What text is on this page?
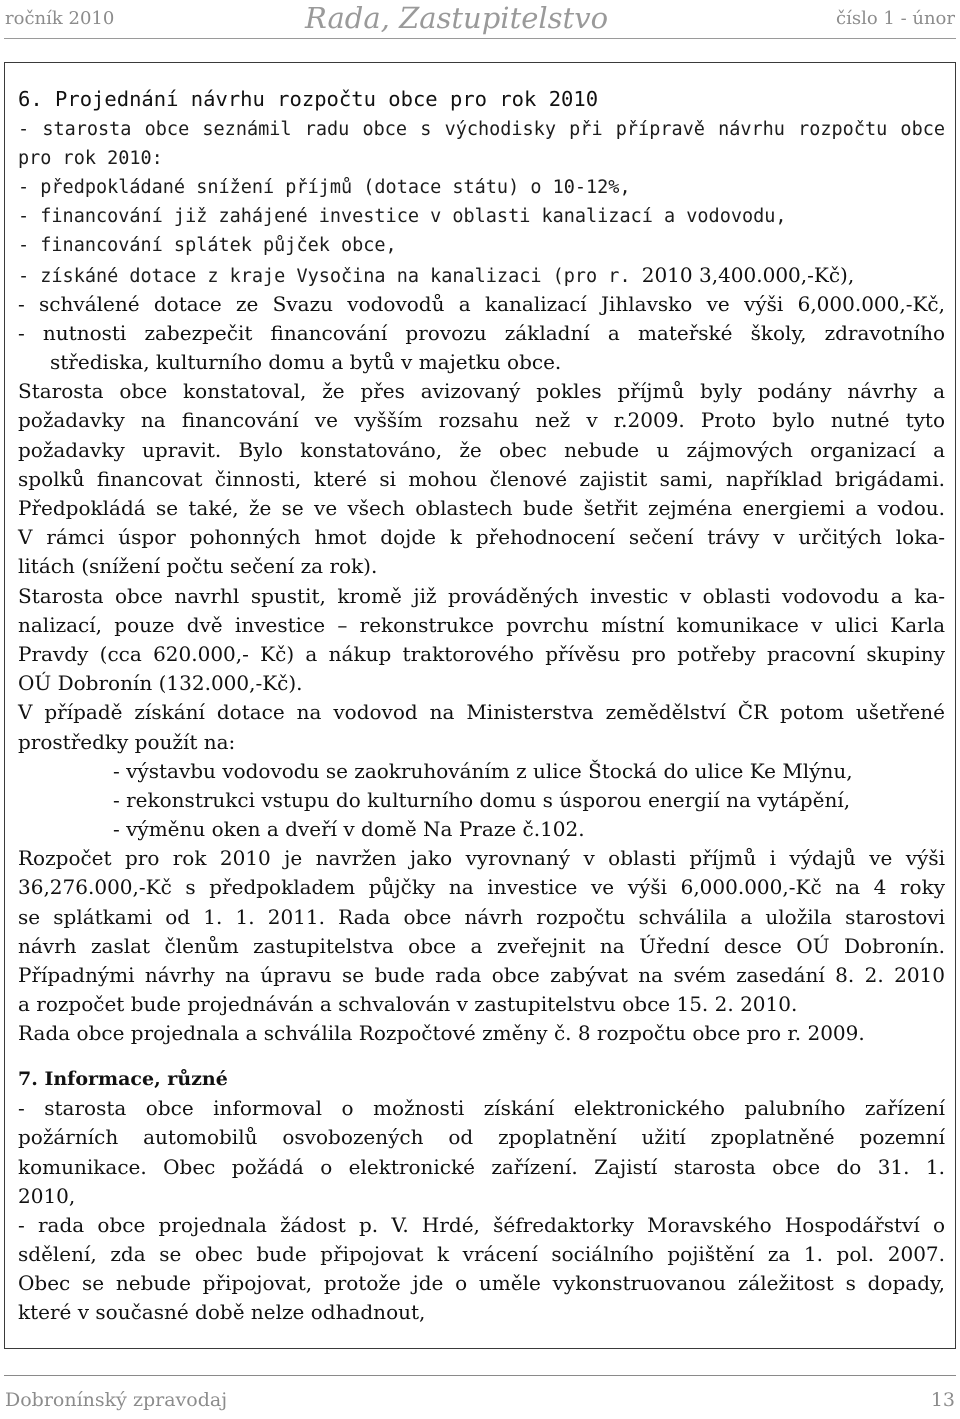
ročník 2010	Rada, Zastupitelstvo	číslo 1 - únor
6. Projednání návrhu rozpočtu obce pro rok 2010
- starosta obce seznámil radu obce s východisky při přípravě návrhu rozpočtu obce
pro rok 2010:
- předpokládané snížení příjmů (dotace státu) o 10-12%,
- financování již zahájené investice v oblasti kanalizací a vodovodu,
- financování splátek půjček obce,
- získáné dotace z kraje Vysočina na kanalizaci (pro r. 2010 3,400.000,-Kč),
- schválené dotace ze Svazu vodovodů a kanalizací Jihlavsko ve výši 6,000.000,-Kč,
- nutnosti zabezpečit financování provozu základní a mateřské školy, zdravotního
střediska, kulturního domu a bytů v majetku obce.
Starosta obce konstatoval, že přes avizovaný pokles příjmů byly podány návrhy a
požadavky na financování ve vyšším rozsahu než v r.2009. Proto bylo nutné tyto
požadavky upravit. Bylo konstatováno, že obec nebude u zájmových organizací a
spolků financovat činnosti, které si mohou členové zajistit sami, například brigádami.
Předpokládá se také, že se ve všech oblastech bude šetřit zejména energiemi a vodou.
V rámci úspor pohonných hmot dojde k přehodnocení sečení trávy v určitých loka-
litách (snížení počtu sečení za rok).
Starosta obce navrhl spustit, kromě již prováděných investic v oblasti vodovodu a ka-
nalizací, pouze dvě investice – rekonstrukce povrchu místní komunikace v ulici Karla
Pravdy (cca 620.000,- Kč) a nákup traktorového přívěsu pro potřeby pracovní skupiny
OÚ Dobronín (132.000,-Kč).
V případě získání dotace na vodovod na Ministerstva zemědělství ČR potom ušetřené
prostředky použít na:
- výstavbu vodovodu se zaokruhováním z ulice Štocká do ulice Ke Mlýnu,
- rekonstrukci vstupu do kulturního domu s úsporou energií na vytápění,
- výměnu oken a dveří v domě Na Praze č.102.
Rozpočet pro rok 2010 je navržen jako vyrovnaný v oblasti příjmů i výdajů ve výši
36,276.000,-Kč s předpokladem půjčky na investice ve výši 6,000.000,-Kč na 4 roky
se splátkami od 1. 1. 2011. Rada obce návrh rozpočtu schválila a uložila starostovi
návrh zaslat členům zastupitelstva obce a zveřejnit na Úřední desce OÚ Dobronín.
Případnými návrhy na úpravu se bude rada obce zabývat na svém zasedání 8. 2. 2010
a rozpočet bude projednáván a schvalován v zastupitelstvu obce 15. 2. 2010.
Rada obce projednala a schválila Rozpočtové změny č. 8 rozpočtu obce pro r. 2009.
7. Informace, různé
- starosta obce informoval o možnosti získání elektronického palubního zařízení
požárních automobilů osvobozených od zpoplatnění užití zpoplatněné pozemní
komunikace. Obec požádá o elektronické zařízení. Zajistí starosta obce do 31. 1.
2010,
- rada obce projednala žádost p. V. Hrdé, šéfredaktorky Moravského Hospodářství o
sdělení, zda se obec bude připojovat k vrácení sociálního pojištění za 1. pol. 2007.
Obec se nebude připojovat, protože jde o uměle vykonstruovanou záležitost s dopady,
které v současné době nelze odhadnout,
Dobronínský zpravodaj	13
